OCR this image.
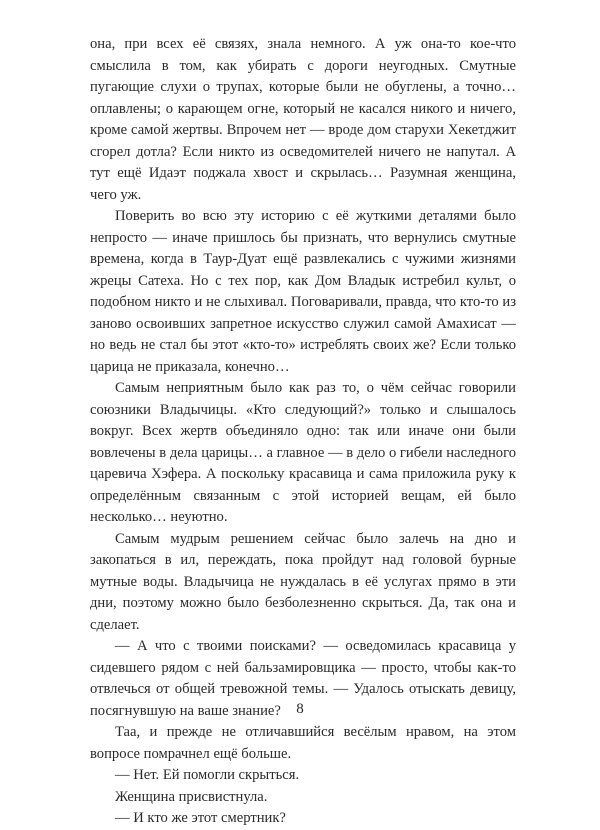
она, при всех её связях, знала немного. А уж она-то кое-что смыслила в том, как убирать с дороги неугодных. Смутные пугающие слухи о трупах, которые были не обуглены, а точно… оплавлены; о карающем огне, который не касался никого и ничего, кроме самой жертвы. Впрочем нет — вроде дом старухи Хекетджит сгорел дотла? Если никто из осведомителей ничего не напутал. А тут ещё Идаэт поджала хвост и скрылась… Разумная женщина, чего уж.

Поверить во всю эту историю с её жуткими деталями было непросто — иначе пришлось бы признать, что вернулись смутные времена, когда в Таур-Дуат ещё развлекались с чужими жизнями жрецы Сатеха. Но с тех пор, как Дом Владык истребил культ, о подобном никто и не слыхивал. Поговаривали, правда, что кто-то из заново освоивших запретное искусство служил самой Амахисат — но ведь не стал бы этот «кто-то» истреблять своих же? Если только царица не приказала, конечно…

Самым неприятным было как раз то, о чём сейчас говорили союзники Владычицы. «Кто следующий?» только и слышалось вокруг. Всех жертв объединяло одно: так или иначе они были вовлечены в дела царицы… а главное — в дело о гибели наследного царевича Хэфера. А поскольку красавица и сама приложила руку к определённым связанным с этой историей вещам, ей было несколько… неуютно.

Самым мудрым решением сейчас было залечь на дно и закопаться в ил, переждать, пока пройдут над головой бурные мутные воды. Владычица не нуждалась в её услугах прямо в эти дни, поэтому можно было безболезненно скрыться. Да, так она и сделает.

— А что с твоими поисками? — осведомилась красавица у сидевшего рядом с ней бальзамировщика — просто, чтобы как-то отвлечься от общей тревожной темы. — Удалось отыскать девицу, посягнувшую на ваше знание?

Таа, и прежде не отличавшийся весёлым нравом, на этом вопросе помрачнел ещё больше.

— Нет. Ей помогли скрыться.

Женщина присвистнула.

— И кто же этот смертник?

8
